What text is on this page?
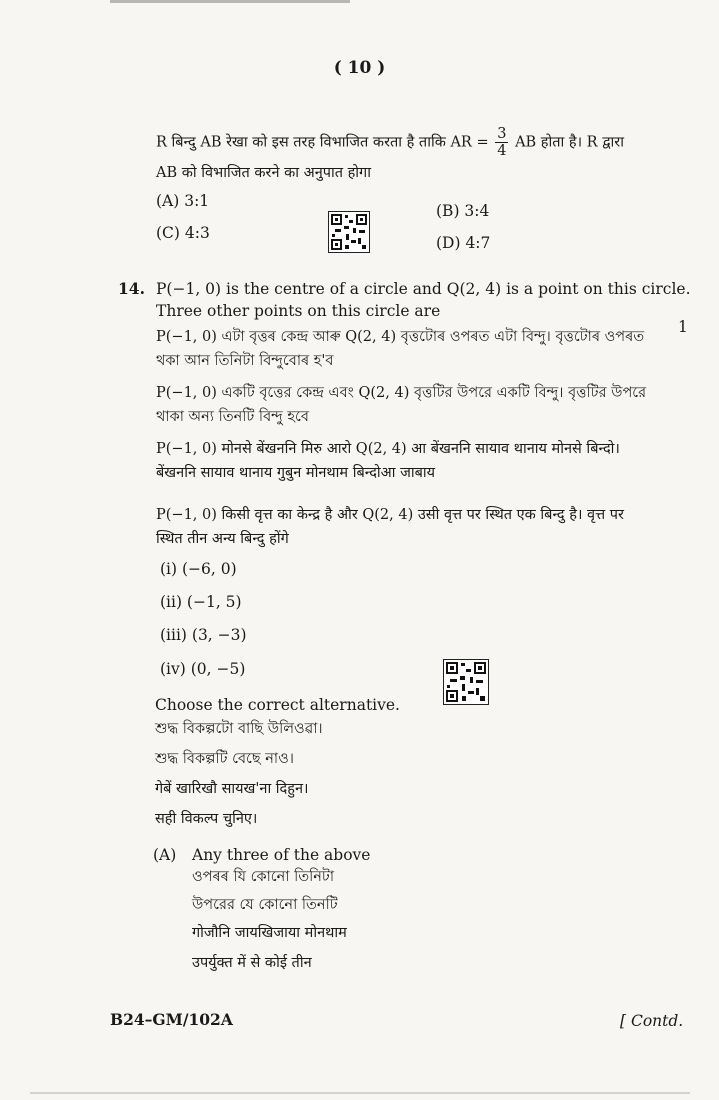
( 10 )
R बिन्दु AB रेखा को इस तरह विभाजित करता है ताकि AR = $\frac{3}{4}$ AB होता है। R द्वारा
AB को विभाजित करने का अनुपात होगा
(A) 3:1
(C) 4:3
(B) 3:4
(D) 4:7
14.
1
P(−1, 0) is the centre of a circle and Q(2, 4) is a point on this circle.
Three other points on this circle are
P(−1, 0) এটা বৃত্তৰ কেন্দ্ৰ আৰু Q(2, 4) বৃত্তটোৰ ওপৰত এটা বিন্দু। বৃত্তটোৰ ওপৰত
থকা আন তিনিটা বিন্দুবোৰ হ'ব
P(−1, 0) একটি বৃত্তের কেন্দ্র এবং Q(2, 4) বৃত্তটির উপরে একটি বিন্দু। বৃত্তটির উপরে
থাকা অন্য তিনটি বিন্দু হবে
P(−1, 0) मोनसे बेंखननि मिरु आरो Q(2, 4) आ बेंखननि सायाव थानाय मोनसे बिन्दो।
बेंखननि सायाव थानाय गुबुन मोनथाम बिन्दोआ जाबाय
P(−1, 0) किसी वृत्त का केन्द्र है और Q(2, 4) उसी वृत्त पर स्थित एक बिन्दु है। वृत्त पर
स्थित तीन अन्य बिन्दु होंगे
(i) (−6, 0)
(ii) (−1, 5)
(iii) (3, −3)
(iv) (0, −5)
Choose the correct alternative.
শুদ্ধ বিকল্পটো বাছি উলিওৱা।
শুদ্ধ বিকল্পটি বেছে নাও।
गेबें खारिखौ सायख'ना दिहुन।
सही विकल्प चुनिए।
(A) Any three of the above
ওপৰৰ যি কোনো তিনিটা
উপরের যে কোনো তিনটি
गोजौनि जायखिजाया मोनथाम
उपर्युक्त में से कोई तीन
B24–GM/102A	[ Contd.
